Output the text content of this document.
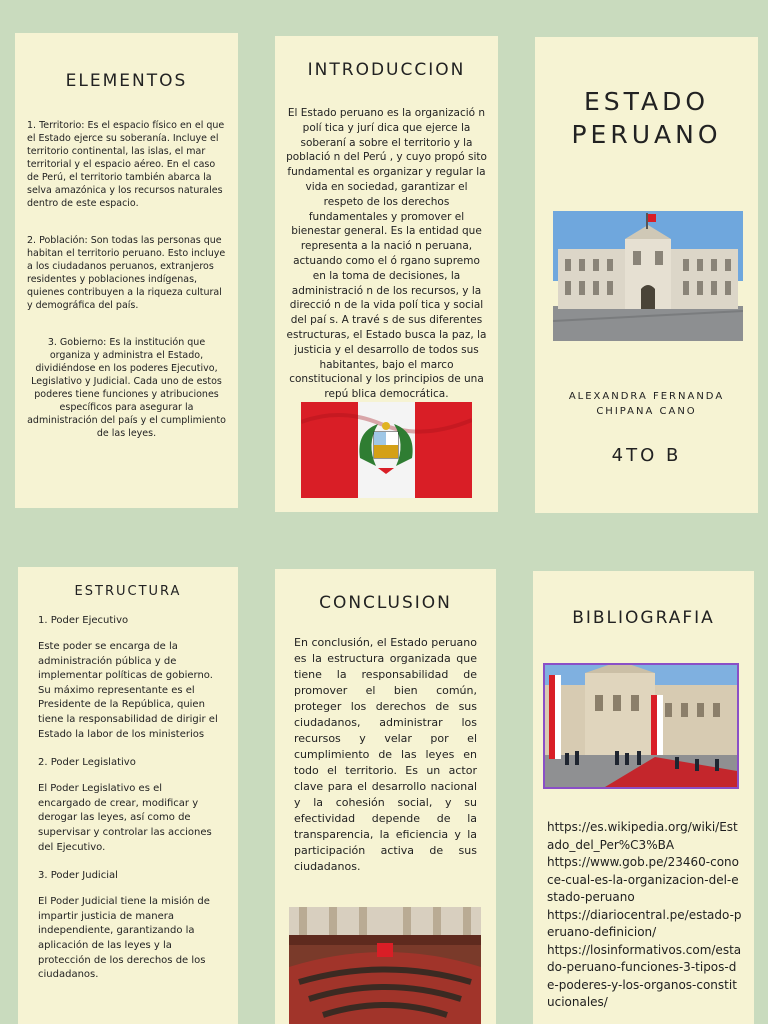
ELEMENTOS

1. Territorio: Es el espacio físico en el que el Estado ejerce su soberanía. Incluye el territorio continental, las islas, el mar territorial y el espacio aéreo. En el caso de Perú, el territorio también abarca la selva amazónica y los recursos naturales dentro de este espacio.

2. Población: Son todas las personas que habitan el territorio peruano. Esto incluye a los ciudadanos peruanos, extranjeros residentes y poblaciones indígenas, quienes contribuyen a la riqueza cultural y demográfica del país.

3. Gobierno: Es la institución que organiza y administra el Estado, dividiéndose en los poderes Ejecutivo, Legislativo y Judicial. Cada uno de estos poderes tiene funciones y atribuciones específicos para asegurar la administración del país y el cumplimiento de las leyes.

INTRODUCCION

El Estado peruano es la organizació n polí tica y jurí dica que ejerce la soberaní a sobre el territorio y la població n del Perú , y cuyo propó sito fundamental es organizar y regular la vida en sociedad, garantizar el respeto de los derechos fundamentales y promover el bienestar general. Es la entidad que representa a la nació n peruana, actuando como el ó rgano supremo en la toma de decisiones, la administració n de los recursos, y la direcció n de la vida polí tica y social del paí s. A travé s de sus diferentes estructuras, el Estado busca la paz, la justicia y el desarrollo de todos sus habitantes, bajo el marco constitucional y los principios de una repú blica democrática.

ESTADO
PERUANO

ALEXANDRA FERNANDA CHIPANA CANO

4TO B

ESTRUCTURA

1. Poder Ejecutivo

Este poder se encarga de la administración pública y de implementar políticas de gobierno. Su máximo representante es el Presidente de la República, quien tiene la responsabilidad de dirigir el Estado la labor de los ministerios

2. Poder Legislativo

El Poder Legislativo es el encargado de crear, modificar y derogar las leyes, así como de supervisar y controlar las acciones del Ejecutivo.

3. Poder Judicial

El Poder Judicial tiene la misión de impartir justicia de manera independiente, garantizando la aplicación de las leyes y la protección de los derechos de los ciudadanos.

CONCLUSION

En conclusión, el Estado peruano es la estructura organizada que tiene la responsabilidad de promover el bien común, proteger los derechos de sus ciudadanos, administrar los recursos y velar por el cumplimiento de las leyes en todo el territorio. Es un actor clave para el desarrollo nacional y la cohesión social, y su efectividad depende de la transparencia, la eficiencia y la participación activa de sus ciudadanos.

BIBLIOGRAFIA
https://es.wikipedia.org/wiki/Estado_del_Per%C3%BA
https://www.gob.pe/23460-conoce-cual-es-la-organizacion-del-estado-peruano
https://diariocentral.pe/estado-peruano-definicion/
https://losinformativos.com/estado-peruano-funciones-3-tipos-de-poderes-y-los-organos-constitucionales/
